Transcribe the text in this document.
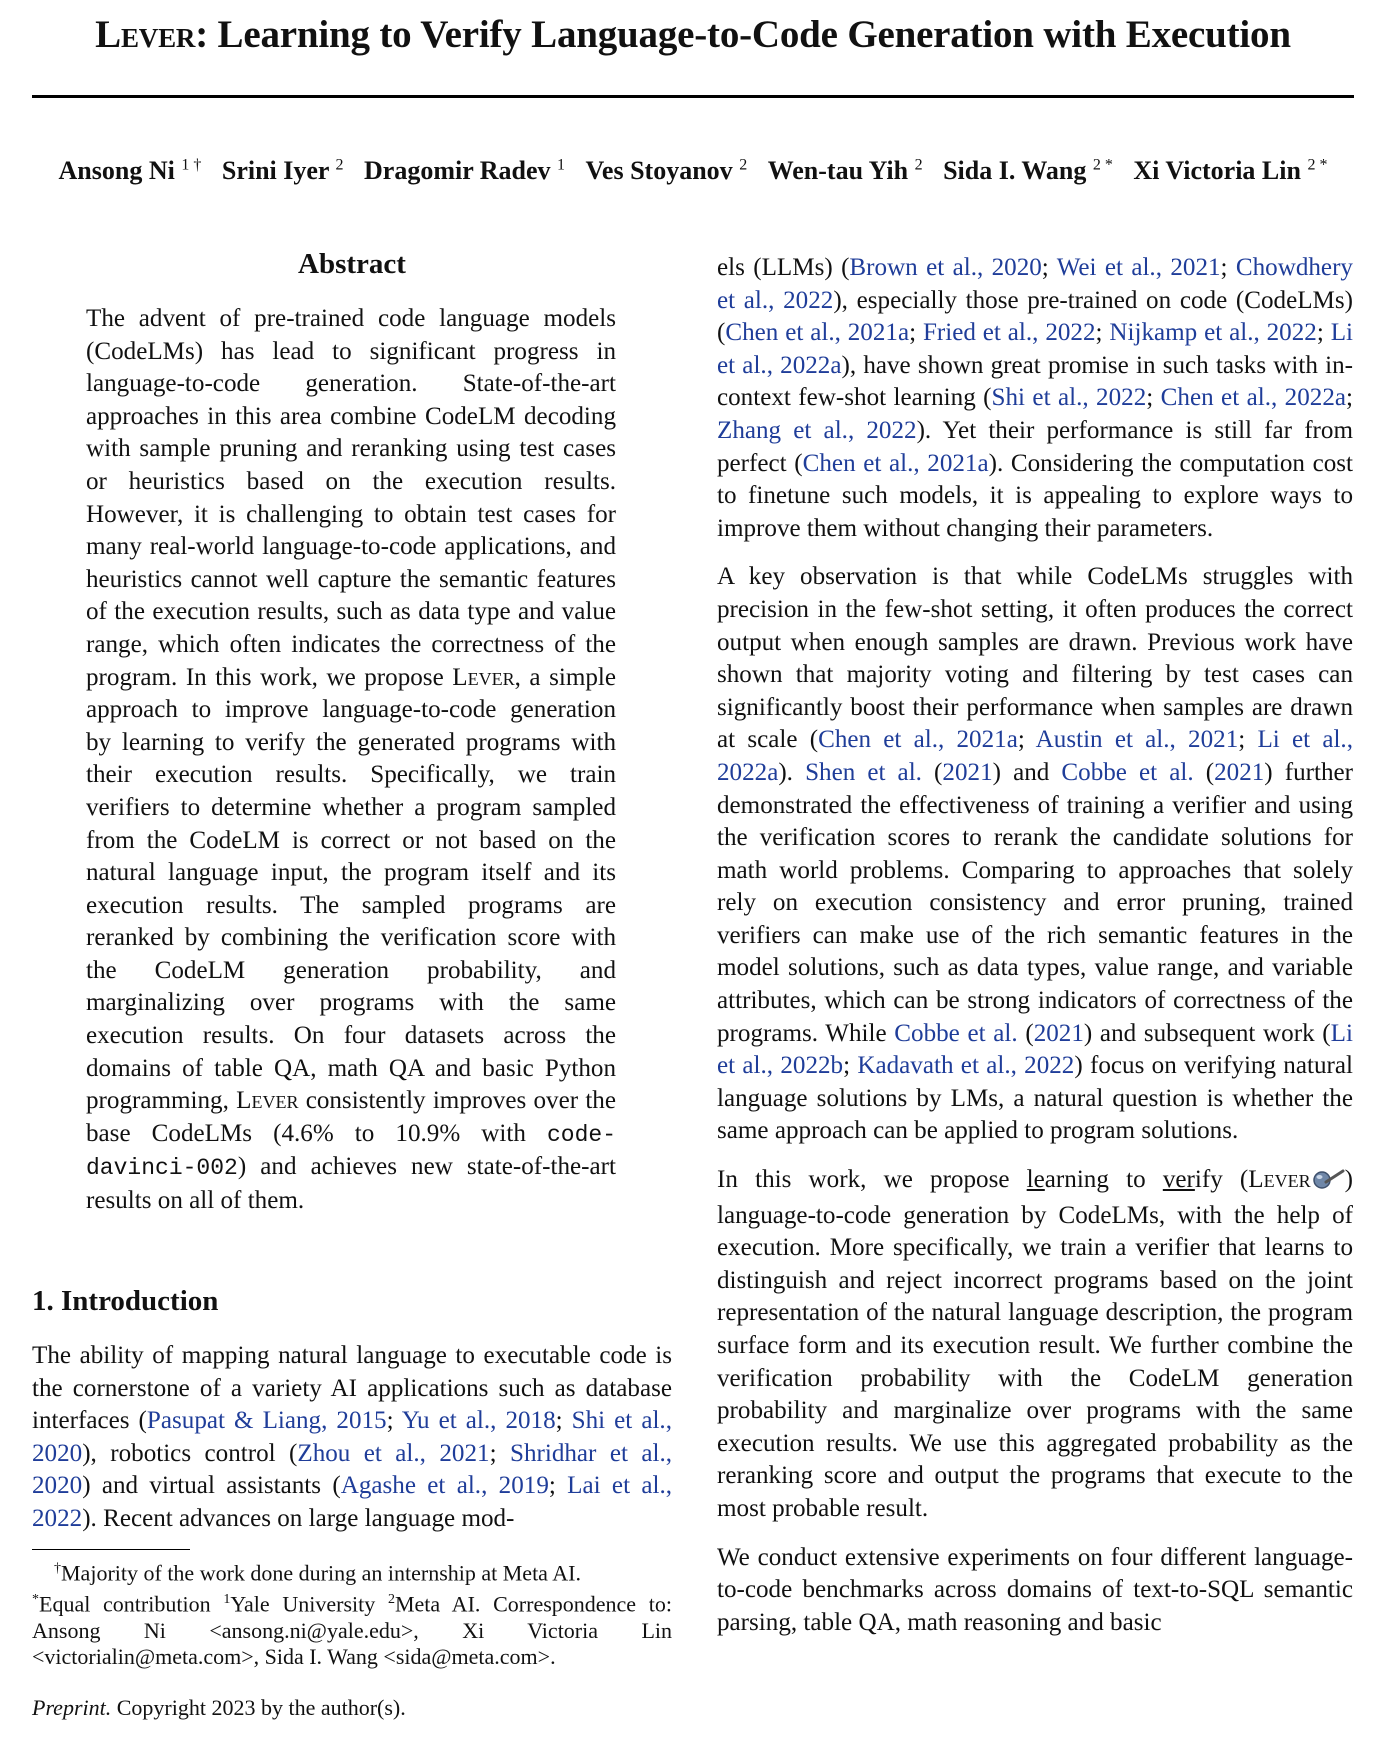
Lever: Learning to Verify Language-to-Code Generation with Execution
Ansong Ni $^{1 \dagger}$ Srini Iyer $^2$ Dragomir Radev $^1$ Ves Stoyanov $^2$ Wen-tau Yih $^2$ Sida I. Wang $^{2 *}$ Xi Victoria Lin $^{2 *}$
Abstract
The advent of pre-trained code language models (CodeLMs) has lead to significant progress in language-to-code generation. State-of-the-art approaches in this area combine CodeLM decoding with sample pruning and reranking using test cases or heuristics based on the execution results. However, it is challenging to obtain test cases for many real-world language-to-code applications, and heuristics cannot well capture the semantic features of the execution results, such as data type and value range, which often indicates the correctness of the program. In this work, we propose Lever, a simple approach to improve language-to-code generation by learning to verify the generated programs with their execution results. Specifically, we train verifiers to determine whether a program sampled from the CodeLM is correct or not based on the natural language input, the program itself and its execution results. The sampled programs are reranked by combining the verification score with the CodeLM generation probability, and marginalizing over programs with the same execution results. On four datasets across the domains of table QA, math QA and basic Python programming, Lever consistently improves over the base CodeLMs (4.6% to 10.9% with code-davinci-002) and achieves new state-of-the-art results on all of them.
1. Introduction
The ability of mapping natural language to executable code is the cornerstone of a variety AI applications such as database interfaces (Pasupat & Liang, 2015; Yu et al., 2018; Shi et al., 2020), robotics control (Zhou et al., 2021; Shridhar et al., 2020) and virtual assistants (Agashe et al., 2019; Lai et al., 2022). Recent advances on large language mod-
†Majority of the work done during an internship at Meta AI.
*Equal contribution $^1$Yale University $^2$Meta AI. Correspondence to: Ansong Ni <ansong.ni@yale.edu>, Xi Victoria Lin <victorialin@meta.com>, Sida I. Wang <sida@meta.com>.
Preprint. Copyright 2023 by the author(s).

els (LLMs) (Brown et al., 2020; Wei et al., 2021; Chowdhery et al., 2022), especially those pre-trained on code (CodeLMs) (Chen et al., 2021a; Fried et al., 2022; Nijkamp et al., 2022; Li et al., 2022a), have shown great promise in such tasks with in-context few-shot learning (Shi et al., 2022; Chen et al., 2022a; Zhang et al., 2022). Yet their performance is still far from perfect (Chen et al., 2021a). Considering the computation cost to finetune such models, it is appealing to explore ways to improve them without changing their parameters.

A key observation is that while CodeLMs struggles with precision in the few-shot setting, it often produces the correct output when enough samples are drawn. Previous work have shown that majority voting and filtering by test cases can significantly boost their performance when samples are drawn at scale (Chen et al., 2021a; Austin et al., 2021; Li et al., 2022a). Shen et al. (2021) and Cobbe et al. (2021) further demonstrated the effectiveness of training a verifier and using the verification scores to rerank the candidate solutions for math world problems. Comparing to approaches that solely rely on execution consistency and error pruning, trained verifiers can make use of the rich semantic features in the model solutions, such as data types, value range, and variable attributes, which can be strong indicators of correctness of the programs. While Cobbe et al. (2021) and subsequent work (Li et al., 2022b; Kadavath et al., 2022) focus on verifying natural language solutions by LMs, a natural question is whether the same approach can be applied to program solutions.

In this work, we propose learning to verify (Lever ) language-to-code generation by CodeLMs, with the help of execution. More specifically, we train a verifier that learns to distinguish and reject incorrect programs based on the joint representation of the natural language description, the program surface form and its execution result. We further combine the verification probability with the CodeLM generation probability and marginalize over programs with the same execution results. We use this aggregated probability as the reranking score and output the programs that execute to the most probable result.

We conduct extensive experiments on four different language-to-code benchmarks across domains of text-to-SQL semantic parsing, table QA, math reasoning and basic
